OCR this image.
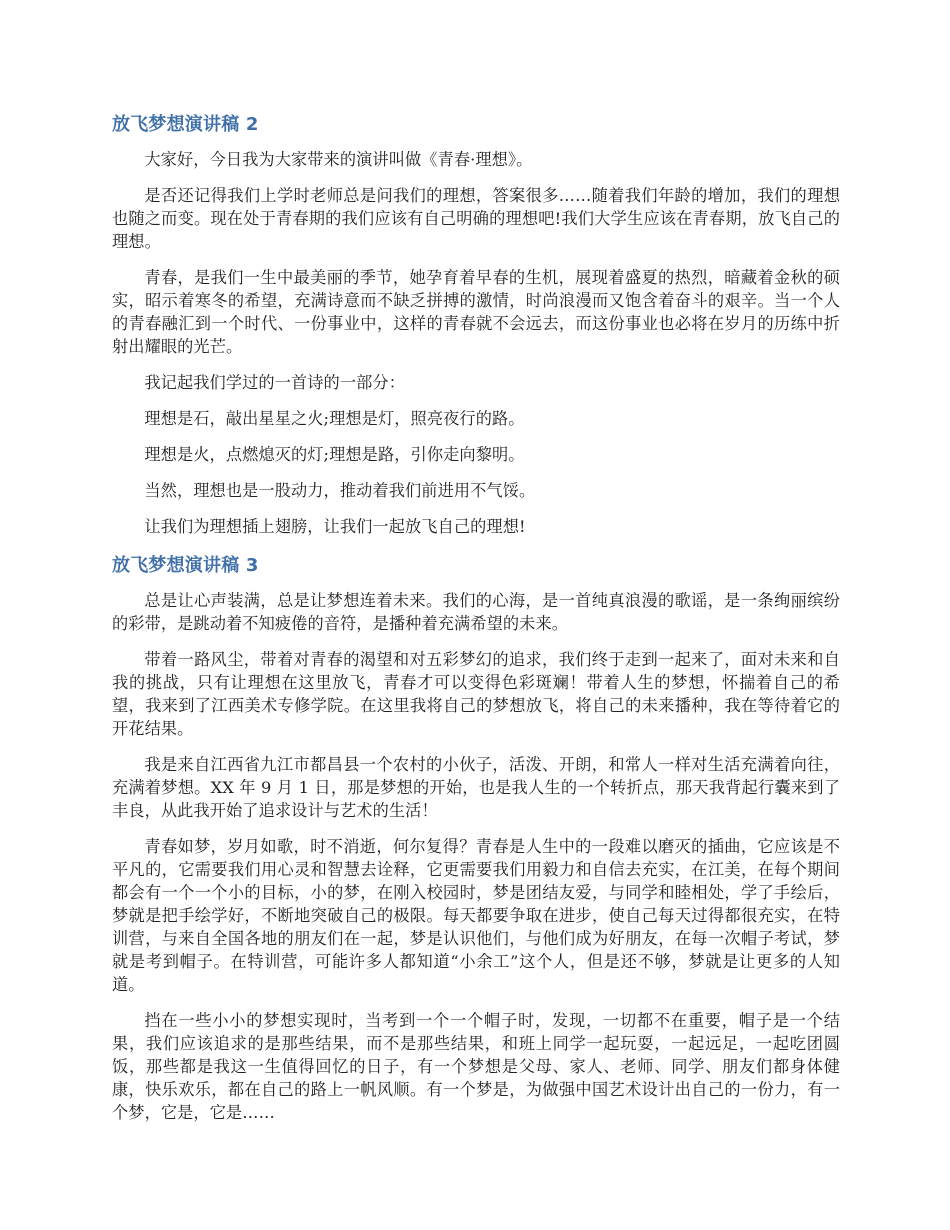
放飞梦想演讲稿 2

大家好，今日我为大家带来的演讲叫做《青春·理想》。

是否还记得我们上学时老师总是问我们的理想，答案很多……随着我们年龄的增加，我们的理想也随之而变。现在处于青春期的我们应该有自己明确的理想吧!我们大学生应该在青春期，放飞自己的理想。

青春，是我们一生中最美丽的季节，她孕育着早春的生机，展现着盛夏的热烈，暗藏着金秋的硕实，昭示着寒冬的希望，充满诗意而不缺乏拼搏的激情，时尚浪漫而又饱含着奋斗的艰辛。当一个人的青春融汇到一个时代、一份事业中，这样的青春就不会远去，而这份事业也必将在岁月的历练中折射出耀眼的光芒。

我记起我们学过的一首诗的一部分：

理想是石，敲出星星之火;理想是灯，照亮夜行的路。

理想是火，点燃熄灭的灯;理想是路，引你走向黎明。

当然，理想也是一股动力，推动着我们前进用不气馁。

让我们为理想插上翅膀，让我们一起放飞自己的理想!

放飞梦想演讲稿 3

总是让心声装满，总是让梦想连着未来。我们的心海，是一首纯真浪漫的歌谣，是一条绚丽缤纷的彩带，是跳动着不知疲倦的音符，是播种着充满希望的未来。

带着一路风尘，带着对青春的渴望和对五彩梦幻的追求，我们终于走到一起来了，面对未来和自我的挑战，只有让理想在这里放飞，青春才可以变得色彩斑斓！带着人生的梦想，怀揣着自己的希望，我来到了江西美术专修学院。在这里我将自己的梦想放飞，将自己的未来播种，我在等待着它的开花结果。

我是来自江西省九江市都昌县一个农村的小伙子，活泼、开朗，和常人一样对生活充满着向往，充满着梦想。XX 年 9 月 1 日，那是梦想的开始，也是我人生的一个转折点，那天我背起行囊来到了丰良，从此我开始了追求设计与艺术的生活！

青春如梦，岁月如歌，时不消逝，何尔复得？青春是人生中的一段难以磨灭的插曲，它应该是不平凡的，它需要我们用心灵和智慧去诠释，它更需要我们用毅力和自信去充实，在江美，在每个期间都会有一个一个小的目标，小的梦，在刚入校园时，梦是团结友爱，与同学和睦相处，学了手绘后，梦就是把手绘学好，不断地突破自己的极限。每天都要争取在进步，使自己每天过得都很充实，在特训营，与来自全国各地的朋友们在一起，梦是认识他们，与他们成为好朋友，在每一次帽子考试，梦就是考到帽子。在特训营，可能许多人都知道“小余工”这个人，但是还不够，梦就是让更多的人知道。

挡在一些小小的梦想实现时，当考到一个一个帽子时，发现，一切都不在重要，帽子是一个结果，我们应该追求的是那些结果，而不是那些结果，和班上同学一起玩耍，一起远足，一起吃团圆饭，那些都是我这一生值得回忆的日子，有一个梦想是父母、家人、老师、同学、朋友们都身体健康，快乐欢乐，都在自己的路上一帆风顺。有一个梦是，为做强中国艺术设计出自己的一份力，有一个梦，它是，它是……
